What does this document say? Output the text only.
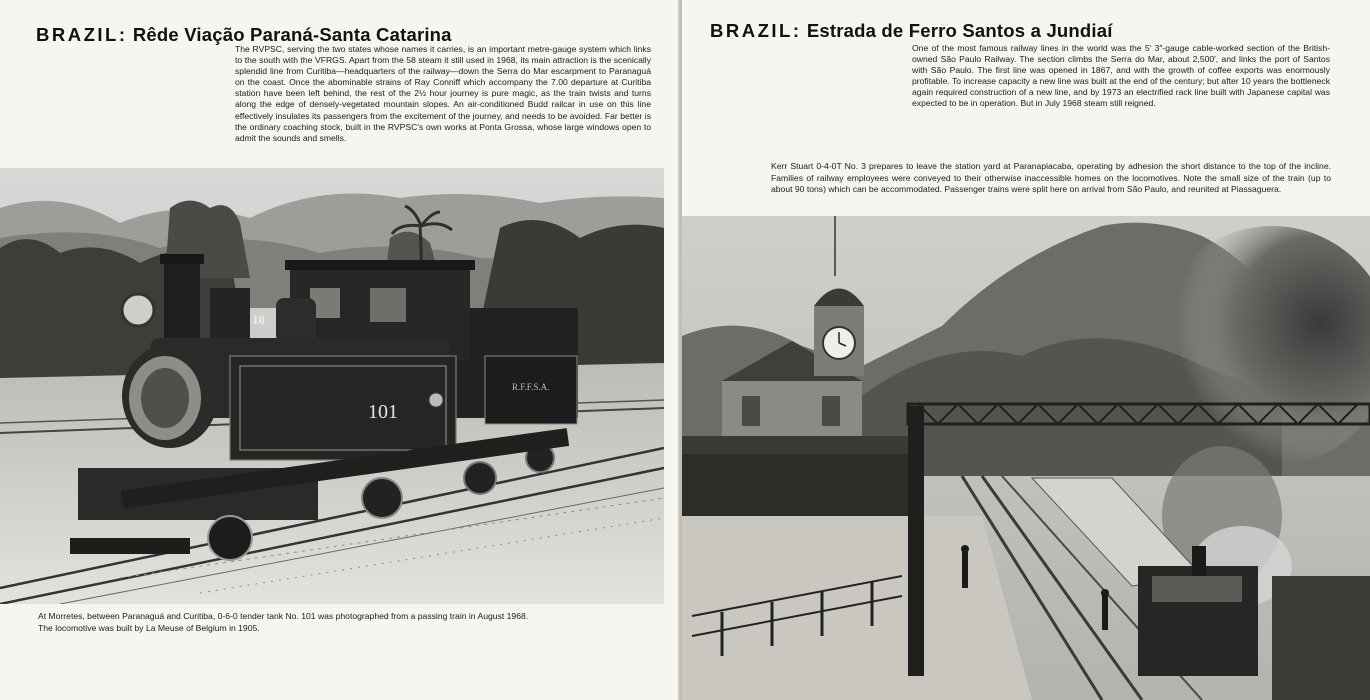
BRAZIL: Rêde Viação Paraná-Santa Catarina
The RVPSC, serving the two states whose names it carries, is an important metre-gauge system which links to the south with the VFRGS. Apart from the 58 steam it still used in 1968, its main attraction is the scenically splendid line from Curitiba—headquarters of the railway—down the Serra do Mar escarpment to Paranaguá on the coast. Once the abominable strains of Ray Conniff which accompany the 7.00 departure at Curitiba station have been left behind, the rest of the 2½ hour journey is pure magic, as the train twists and turns along the edge of densely-vegetated mountain slopes. An air-conditioned Budd railcar in use on this line effectively insulates its passengers from the excitement of the journey, and needs to be avoided. Far better is the ordinary coaching stock, built in the RVPSC's own works at Ponta Grossa, whose large windows open to admit the sounds and smells.
R.F.F.S.A.
101
10
At Morretes, between Paranaguá and Curitiba, 0-6-0 tender tank No. 101 was photographed from a passing train in August 1968.
The locomotive was built by La Meuse of Belgium in 1905.
BRAZIL: Estrada de Ferro Santos a Jundiaí
One of the most famous railway lines in the world was the 5′ 3″-gauge cable-worked section of the British-owned São Paulo Railway. The section climbs the Serra do Mar, about 2,500′, and links the port of Santos with São Paulo. The first line was opened in 1867, and with the growth of coffee exports was enormously profitable. To increase capacity a new line was built at the end of the century; but after 10 years the bottleneck again required construction of a new line, and by 1973 an electrified rack line built with Japanese capital was expected to be in operation. But in July 1968 steam still reigned.
Kerr Stuart 0-4-0T No. 3 prepares to leave the station yard at Paranapiacaba, operating by adhesion the short distance to the top of the incline. Families of railway employees were conveyed to their otherwise inaccessible homes on the locomotives. Note the small size of the train (up to about 90 tons) which can be accommodated. Passenger trains were split here on arrival from São Paulo, and reunited at Piassaguera.
